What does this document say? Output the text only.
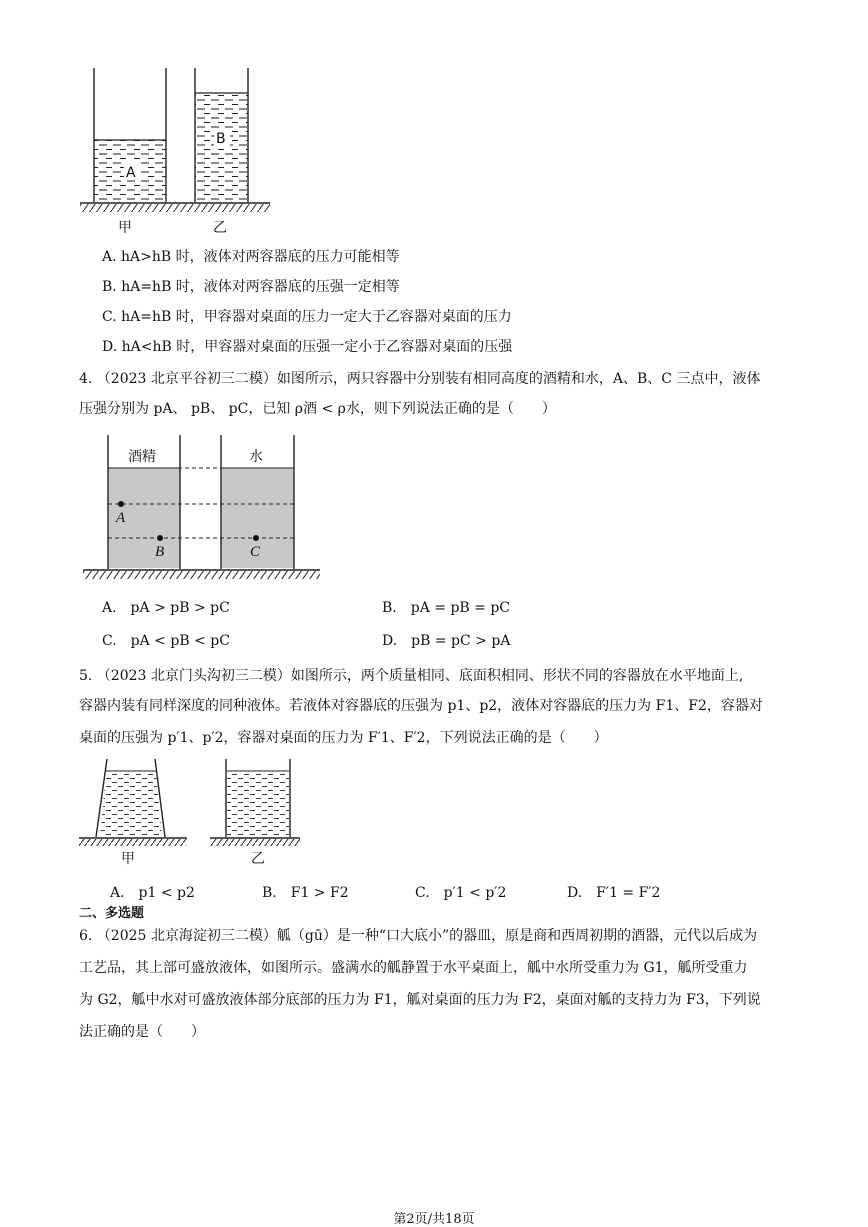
A
B
甲	乙
A. hA>hB 时，液体对两容器底的压力可能相等
B. hA=hB 时，液体对两容器底的压强一定相等
C. hA=hB 时，甲容器对桌面的压力一定大于乙容器对桌面的压力
D. hA<hB 时，甲容器对桌面的压强一定小于乙容器对桌面的压强
4. （2023 北京平谷初三二模）如图所示，两只容器中分别装有相同高度的酒精和水，A、B、C 三点中，液体
压强分别为 pA、 pB、 pC，已知 ρ酒 < ρ水，则下列说法正确的是（　　）
酒精	水
A
B	C
A.　pA > pB > pC	B.　pA = pB = pC
C.　pA < pB < pC	D.　pB = pC > pA
5. （2023 北京门头沟初三二模）如图所示，两个质量相同、底面积相同、形状不同的容器放在水平地面上,
容器内装有同样深度的同种液体。若液体对容器底的压强为 p1、p2，液体对容器底的压力为 F1、F2，容器对
桌面的压强为 p′1、p′2，容器对桌面的压力为 F′1、F′2，下列说法正确的是（　　）
甲	乙
A.　p1 < p2	B.　F1 > F2	C.　p′1 < p′2	D.　F′1 = F′2
二、多选题
6. （2025 北京海淀初三二模）觚（gū）是一种“口大底小”的器皿，原是商和西周初期的酒器，元代以后成为
工艺品，其上部可盛放液体，如图所示。盛满水的觚静置于水平桌面上，觚中水所受重力为 G1，觚所受重力
为 G2，觚中水对可盛放液体部分底部的压力为 F1，觚对桌面的压力为 F2，桌面对觚的支持力为 F3，下列说
法正确的是（　　）
第2页/共18页
